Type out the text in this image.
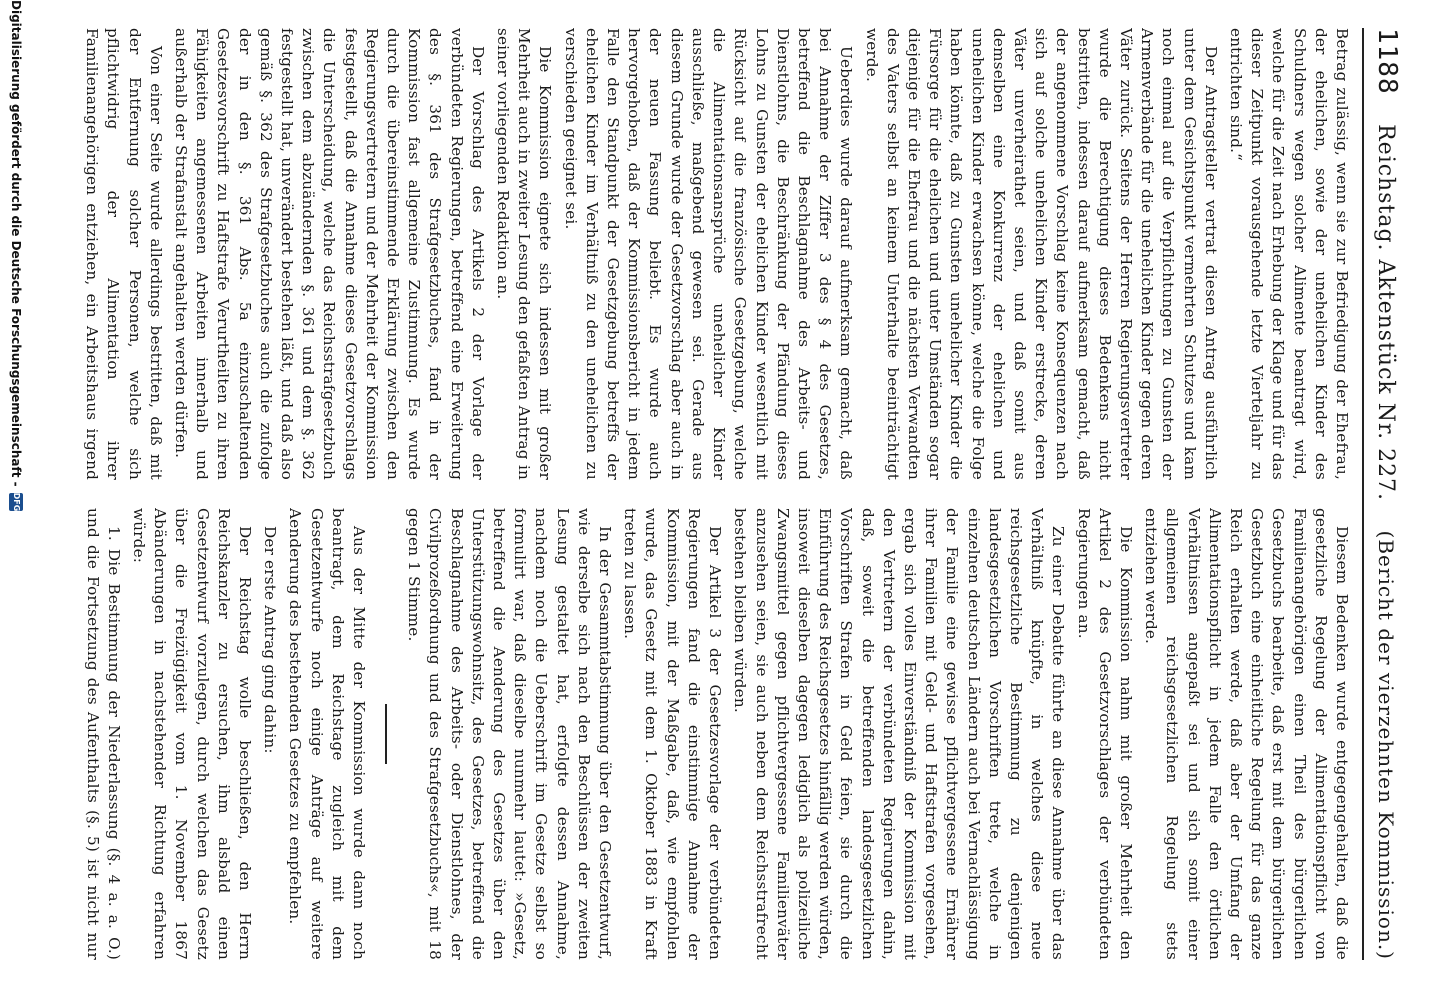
1188
Reichstag. Aktenstück Nr. 227.
(Bericht der vierzehnten Kommission.)

Betrag zulässig, wenn sie zur Befriedigung der Ehefrau, der ehelichen, sowie der unehelichen Kinder des Schuldners wegen solcher Alimente beantragt wird, welche für die Zeit nach Erhebung der Klage und für das dieser Zeitpunkt vorausgehende letzte Vierteljahr zu entrichten sind.“

Der Antragsteller vertrat diesen Antrag ausführlich unter dem Gesichtspunkt vermehrten Schutzes und kam noch einmal auf die Verpflichtungen zu Gunsten der Armenverbände für die unehelichen Kinder gegen deren Väter zurück. Seitens der Herren Regierungsvertreter wurde die Berechtigung dieses Bedenkens nicht bestritten, indessen darauf aufmerksam gemacht, daß der angenommene Vorschlag keine Konsequenzen nach sich auf solche unehelichen Kinder erstrecke, deren Väter unverheirathet seien, und daß somit aus demselben eine Konkurrenz der ehelichen und unehelichen Kinder erwachsen könne, welche die Folge haben könnte, daß zu Gunsten unehelicher Kinder die Fürsorge für die ehelichen und unter Umständen sogar diejenige für die Ehefrau und die nächsten Verwandten des Vaters selbst an keinem Unterhalte beeinträchtigt werde.

Ueberdies wurde darauf aufmerksam gemacht, daß bei Annahme der Ziffer 3 des § 4 des Gesetzes, betreffend die Beschlagnahme des Arbeits- und Dienstlohns, die Beschränkung der Pfändung dieses Lohns zu Gunsten der ehelichen Kinder wesentlich mit Rücksicht auf die französische Gesetzgebung, welche die Alimentationsansprüche unehelicher Kinder ausschließe, maßgebend gewesen sei. Gerade aus diesem Grunde wurde der Gesetzvorschlag aber auch in der neuen Fassung beliebt. Es wurde auch hervorgehoben, daß der Kommissionsbericht in jedem Falle den Standpunkt der Gesetzgebung betreffs der ehelichen Kinder im Verhältniß zu den unehelichen zu verschieden geeignet sei.

Die Kommission eignete sich indessen mit großer Mehrheit auch in zweiter Lesung den gefaßten Antrag in seiner vorliegenden Redaktion an.

Der Vorschlag des Artikels 2 der Vorlage der verbündeten Regierungen, betreffend eine Erweiterung des §. 361 des Strafgesetzbuches, fand in der Kommission fast allgemeine Zustimmung. Es wurde durch die übereinstimmende Erklärung zwischen den Regierungsvertretern und der Mehrheit der Kommission festgestellt, daß die Annahme dieses Gesetzvorschlags die Unterscheidung, welche das Reichsstrafgesetzbuch zwischen dem abzuändernden §. 361 und dem §. 362 festgestellt hat, unverändert bestehen läßt, und daß also gemäß §. 362 des Strafgesetzbuches auch die zufolge der in den §. 361 Abs. 5a einzuschaltenden Gesetzesvorschrift zu Haftstrafe Verurtheilten zu ihren Fähigkeiten angemessenen Arbeiten innerhalb und außerhalb der Strafanstalt angehalten werden dürfen.

Von einer Seite wurde allerdings bestritten, daß mit der Entfernung solcher Personen, welche sich pflichtwidrig der Alimentation ihrer Familienangehörigen entziehen, ein Arbeitshaus irgend

Diesem Bedenken wurde entgegengehalten, daß die gesetzliche Regelung der Alimentationspflicht von Familienangehörigen einen Theil des bürgerlichen Gesetzbuchs bearbeite, daß erst mit dem bürgerlichen Gesetzbuch eine einheitliche Regelung für das ganze Reich erhalten werde, daß aber der Umfang der Alimentationspflicht in jedem Falle den örtlichen Verhältnissen angepaßt sei und sich somit einer allgemeinen reichsgesetzlichen Regelung stets entziehen werde.

Die Kommission nahm mit großer Mehrheit den Artikel 2 des Gesetzvorschlages der verbündeten Regierungen an.

Zu einer Debatte führte an diese Annahme über das Verhältniß knüpfte, in welches diese neue reichsgesetzliche Bestimmung zu denjenigen landesgesetzlichen Vorschriften trete, welche in einzelnen deutschen Ländern auch bei Vernachlässigung der Familie eine gewisse pflichtvergessene Ernährer ihrer Familien mit Geld- und Haftstrafen vorgesehen, ergab sich volles Einverständniß der Kommission mit den Vertretern der verbündeten Regierungen dahin, daß, soweit die betreffenden landesgesetzlichen Vorschriften Strafen in Geld feien, sie durch die Einführung des Reichsgesetzes hinfällig werden würden, insoweit dieselben dagegen lediglich als polizeiliche Zwangsmittel gegen pflichtvergessene Familienväter anzusehen seien, sie auch neben dem Reichsstrafrecht bestehen bleiben würden.

Der Artikel 3 der Gesetzesvorlage der verbündeten Regierungen fand die einstimmige Annahme der Kommission, mit der Maßgabe, daß, wie empfohlen wurde, das Gesetz mit dem 1. Oktober 1883 in Kraft treten zu lassen.

In der Gesammtabstimmung über den Gesetzentwurf, wie derselbe sich nach den Beschlüssen der zweiten Lesung gestaltet hat, erfolgte dessen Annahme, nachdem noch die Ueberschrift im Gesetze selbst so formulirt war, daß dieselbe nunmehr lautet: »Gesetz, betreffend die Aenderung des Gesetzes über den Unterstützungswohnsitz, des Gesetzes, betreffend die Beschlagnahme des Arbeits- oder Dienstlohnes, der Civilprozeßordnung und des Strafgesetzbuchs«, mit 18 gegen 1 Stimme.

Aus der Mitte der Kommission wurde dann noch beantragt, dem Reichstage zugleich mit dem Gesetzentwurfe noch einige Anträge auf weitere Aenderung des bestehenden Gesetzes zu empfehlen.

Der erste Antrag ging dahin:

Der Reichstag wolle beschließen, den Herrn Reichskanzler zu ersuchen, ihm alsbald einen Gesetzentwurf vorzulegen, durch welchen das Gesetz über die Freizügigkeit vom 1. November 1867 Abänderungen in nachstehender Richtung erfahren würde:

1. Die Bestimmung der Niederlassung (§. 4 a. a. O.) und die Fortsetzung des Aufenthalts (§. 5) ist nicht nur

Digitalisierung gefördert durch die Deutsche Forschungsgemeinschaft -
DFG
